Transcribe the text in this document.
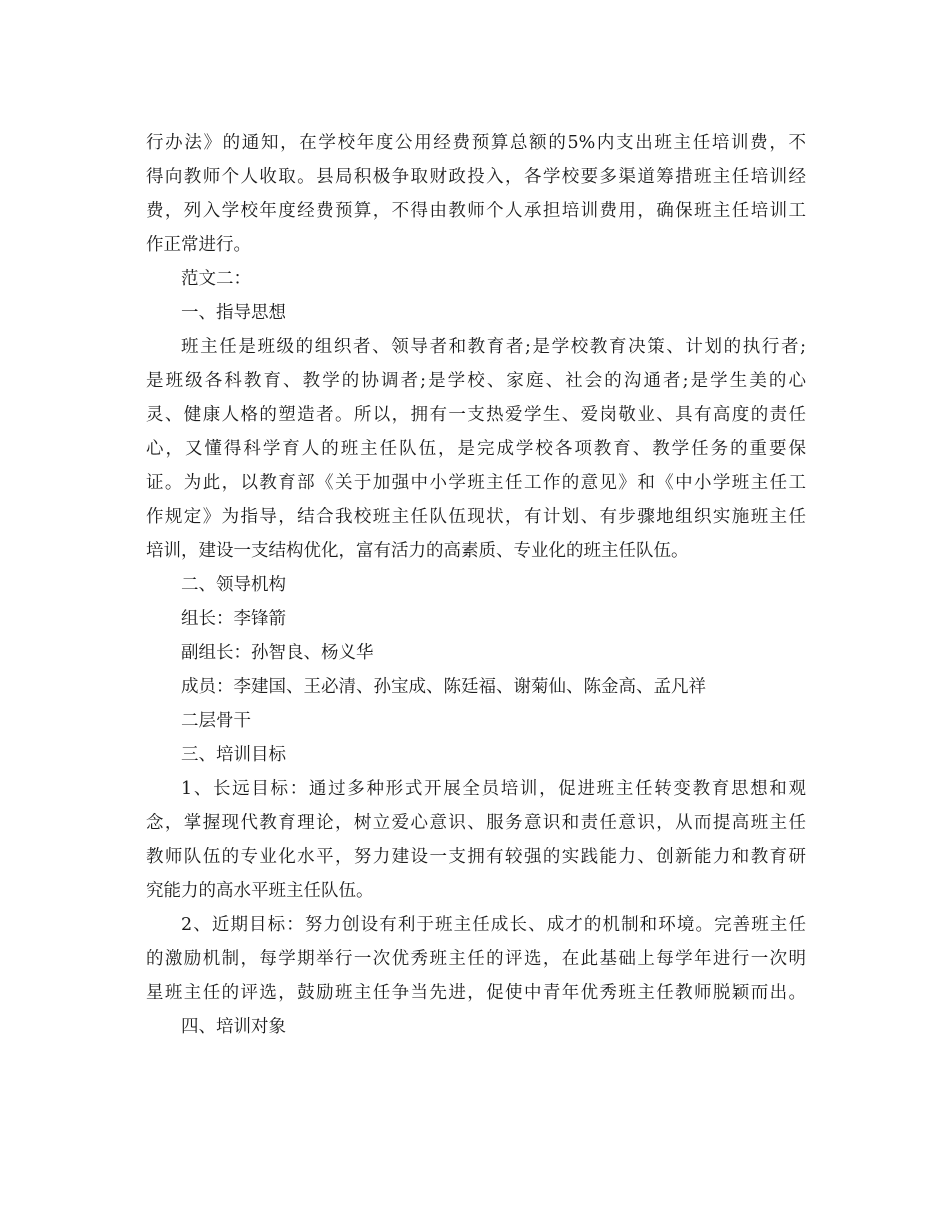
行办法》的通知，在学校年度公用经费预算总额的5%内支出班主任培训费，不
得向教师个人收取。县局积极争取财政投入，各学校要多渠道筹措班主任培训经
费，列入学校年度经费预算，不得由教师个人承担培训费用，确保班主任培训工
作正常进行。
范文二：
一、指导思想
班主任是班级的组织者、领导者和教育者;是学校教育决策、计划的执行者;
是班级各科教育、教学的协调者;是学校、家庭、社会的沟通者;是学生美的心
灵、健康人格的塑造者。所以，拥有一支热爱学生、爱岗敬业、具有高度的责任
心，又懂得科学育人的班主任队伍，是完成学校各项教育、教学任务的重要保
证。为此，以教育部《关于加强中小学班主任工作的意见》和《中小学班主任工
作规定》为指导，结合我校班主任队伍现状，有计划、有步骤地组织实施班主任
培训，建设一支结构优化，富有活力的高素质、专业化的班主任队伍。
二、领导机构
组长：李锋箭
副组长：孙智良、杨义华
成员：李建国、王必清、孙宝成、陈廷福、谢菊仙、陈金高、孟凡祥
二层骨干
三、培训目标
1、长远目标：通过多种形式开展全员培训，促进班主任转变教育思想和观
念，掌握现代教育理论，树立爱心意识、服务意识和责任意识，从而提高班主任
教师队伍的专业化水平，努力建设一支拥有较强的实践能力、创新能力和教育研
究能力的高水平班主任队伍。
2、近期目标：努力创设有利于班主任成长、成才的机制和环境。完善班主任
的激励机制，每学期举行一次优秀班主任的评选，在此基础上每学年进行一次明
星班主任的评选，鼓励班主任争当先进，促使中青年优秀班主任教师脱颖而出。
四、培训对象
